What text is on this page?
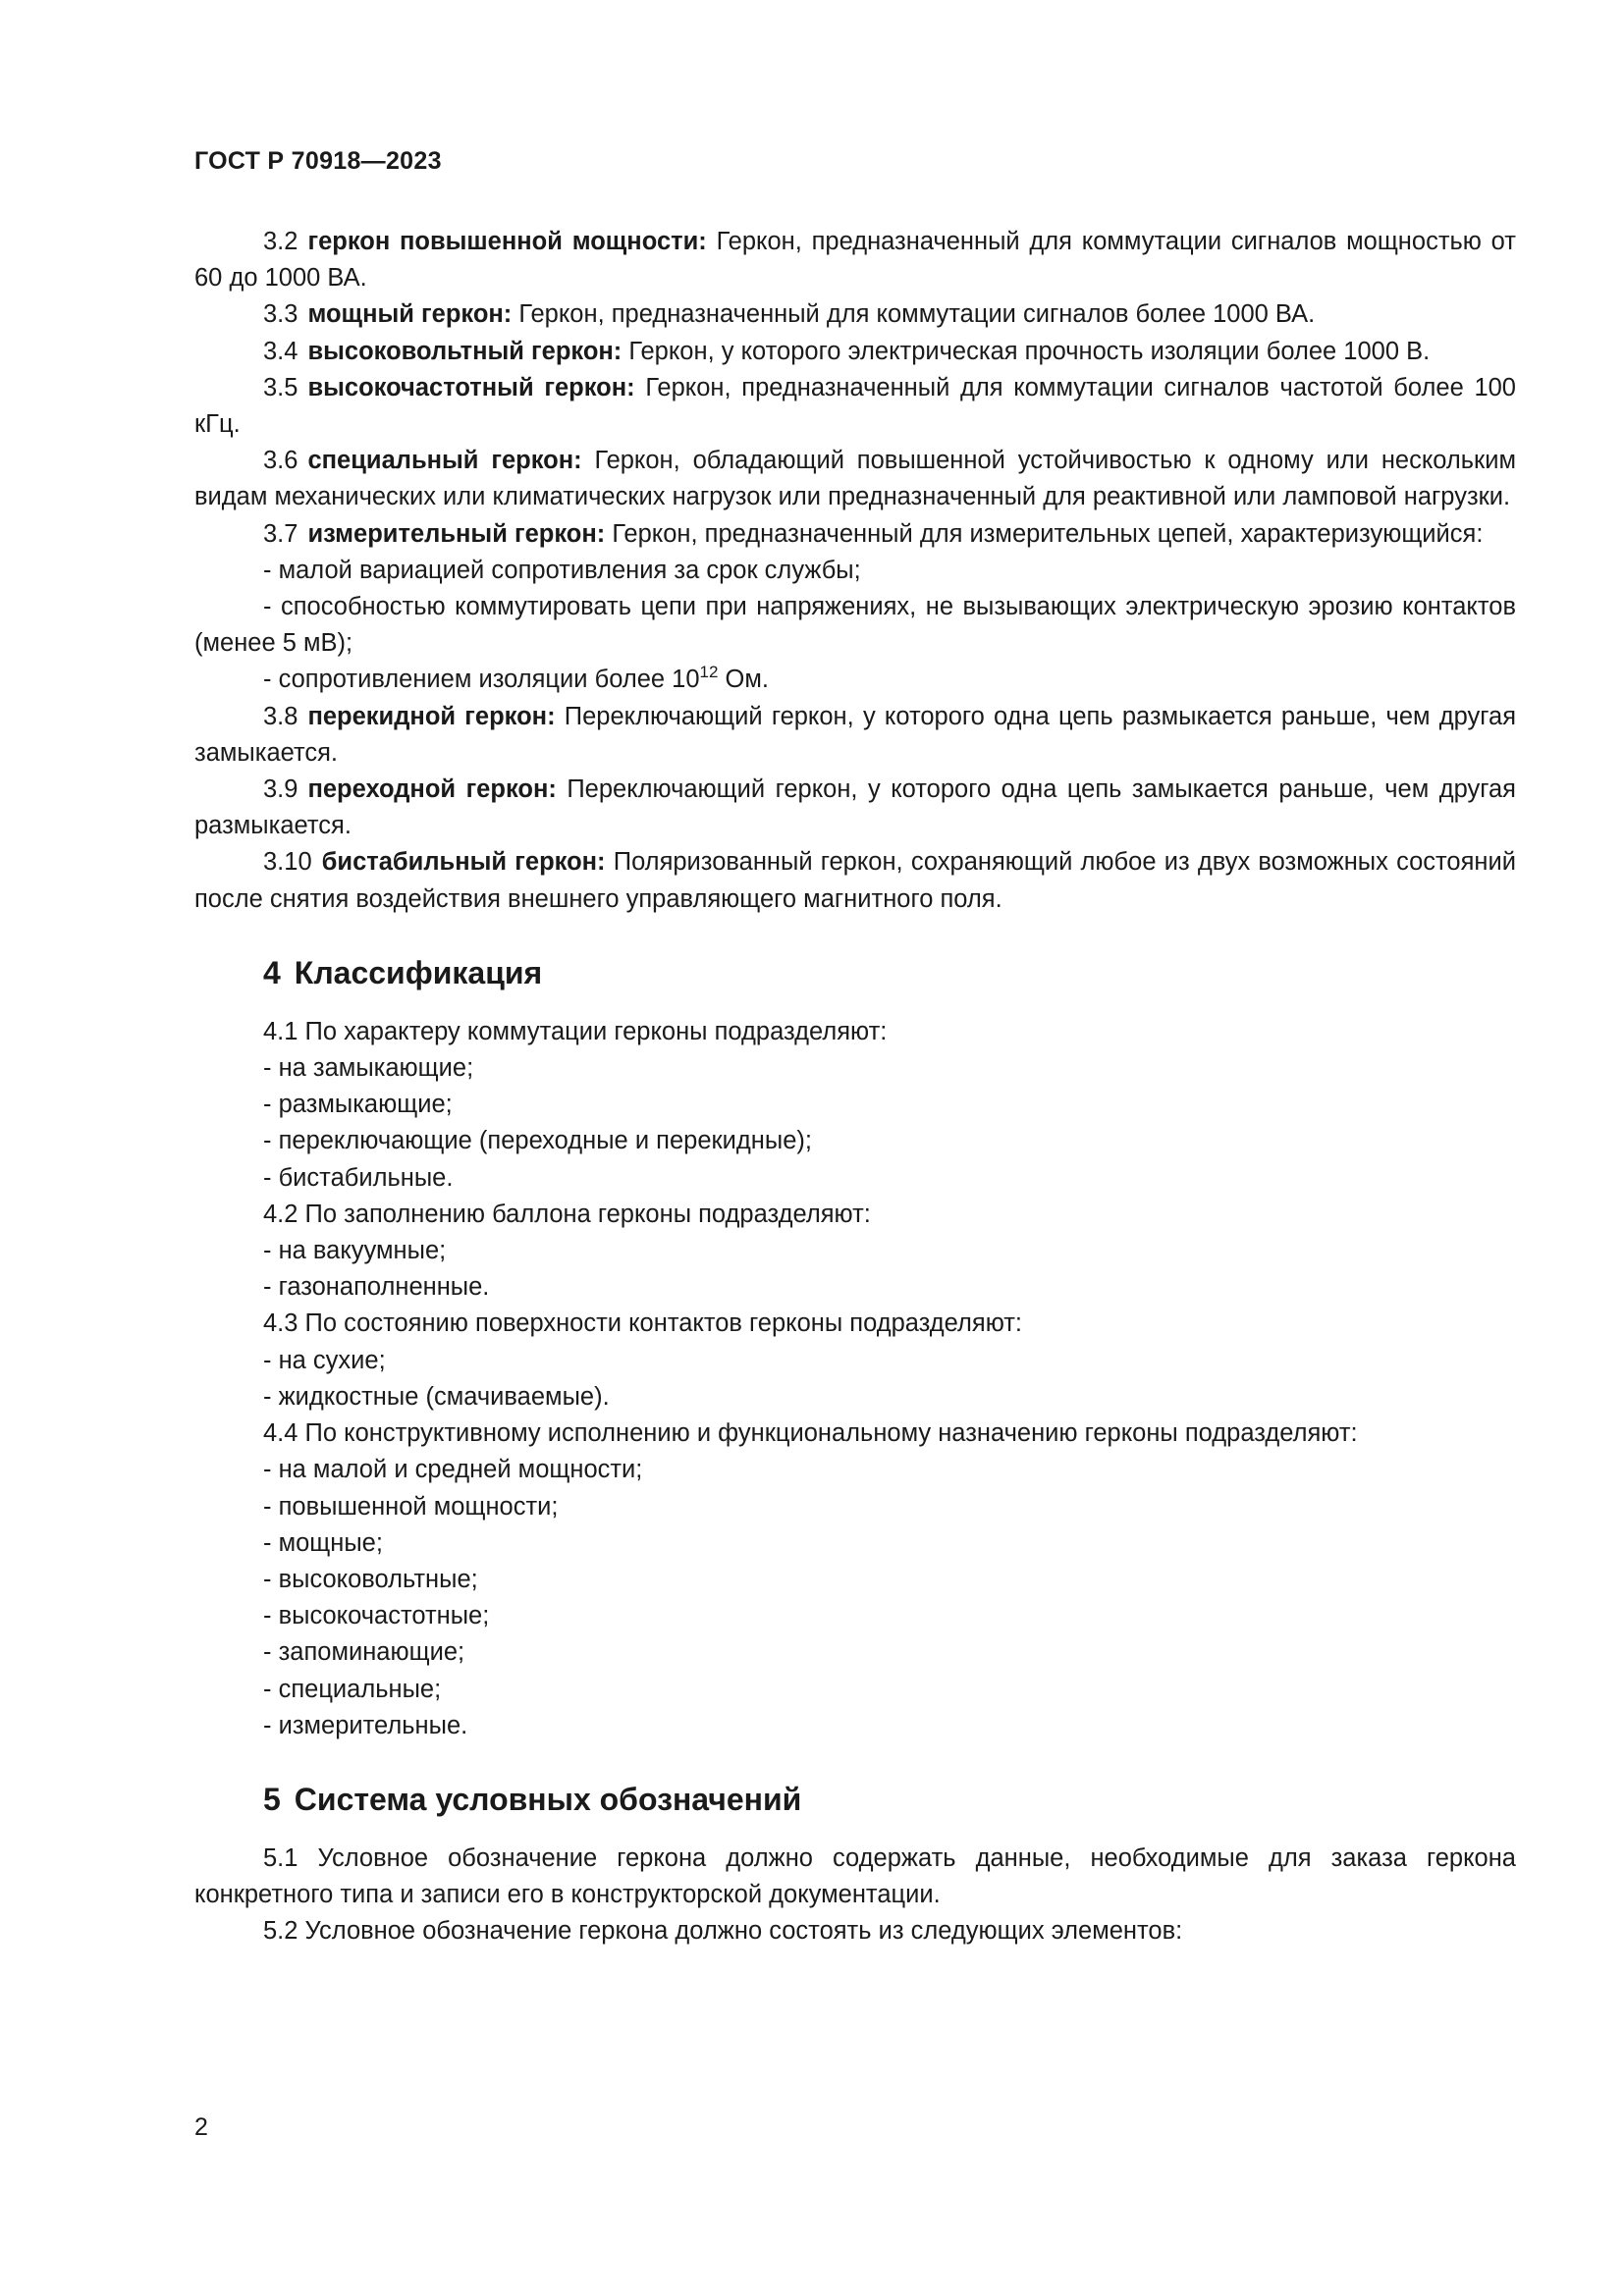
ГОСТ Р 70918—2023

3.2 геркон повышенной мощности: Геркон, предназначенный для коммутации сигналов мощностью от 60 до 1000 ВА.

3.3 мощный геркон: Геркон, предназначенный для коммутации сигналов более 1000 ВА.

3.4 высоковольтный геркон: Геркон, у которого электрическая прочность изоляции более 1000 В.

3.5 высокочастотный геркон: Геркон, предназначенный для коммутации сигналов частотой более 100 кГц.

3.6 специальный геркон: Геркон, обладающий повышенной устойчивостью к одному или нескольким видам механических или климатических нагрузок или предназначенный для реактивной или ламповой нагрузки.

3.7 измерительный геркон: Геркон, предназначенный для измерительных цепей, характеризующийся:

- малой вариацией сопротивления за срок службы;

- способностью коммутировать цепи при напряжениях, не вызывающих электрическую эрозию контактов (менее 5 мВ);

- сопротивлением изоляции более $10^{12}$ Ом.

3.8 перекидной геркон: Переключающий геркон, у которого одна цепь размыкается раньше, чем другая замыкается.

3.9 переходной геркон: Переключающий геркон, у которого одна цепь замыкается раньше, чем другая размыкается.

3.10 бистабильный геркон: Поляризованный геркон, сохраняющий любое из двух возможных состояний после снятия воздействия внешнего управляющего магнитного поля.

4 Классификация

4.1 По характеру коммутации герконы подразделяют:

- на замыкающие;

- размыкающие;

- переключающие (переходные и перекидные);

- бистабильные.

4.2 По заполнению баллона герконы подразделяют:

- на вакуумные;

- газонаполненные.

4.3 По состоянию поверхности контактов герконы подразделяют:

- на сухие;

- жидкостные (смачиваемые).

4.4 По конструктивному исполнению и функциональному назначению герконы подразделяют:

- на малой и средней мощности;

- повышенной мощности;

- мощные;

- высоковольтные;

- высокочастотные;

- запоминающие;

- специальные;

- измерительные.

5 Система условных обозначений

5.1 Условное обозначение геркона должно содержать данные, необходимые для заказа геркона конкретного типа и записи его в конструкторской документации.

5.2 Условное обозначение геркона должно состоять из следующих элементов:

2
